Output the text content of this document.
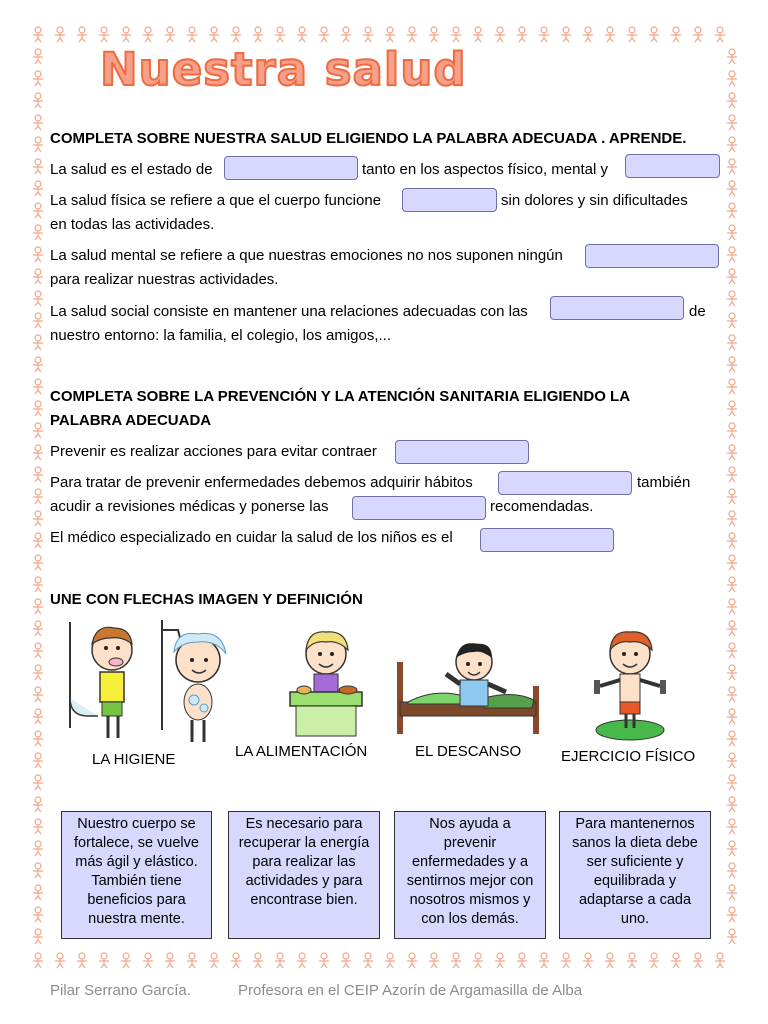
Nuestra salud
COMPLETA SOBRE NUESTRA SALUD ELIGIENDO LA PALABRA ADECUADA . APRENDE.
La salud es el estado de	tanto en los aspectos físico, mental y
La salud física se refiere a que el cuerpo funcione	sin dolores y sin dificultades
en todas las actividades.
La salud mental se refiere a que nuestras emociones no nos suponen ningún
para realizar nuestras actividades.
La salud social consiste en mantener una relaciones adecuadas con las	de
nuestro entorno: la familia, el colegio, los amigos,...
COMPLETA SOBRE LA PREVENCIÓN Y LA ATENCIÓN SANITARIA ELIGIENDO LA
PALABRA ADECUADA
Prevenir es realizar acciones para evitar contraer
Para tratar de prevenir enfermedades debemos adquirir hábitos	también
acudir a revisiones médicas y ponerse las	recomendadas.
El médico especializado en cuidar la salud de los niños es el
UNE CON FLECHAS IMAGEN Y DEFINICIÓN
LA HIGIENE	LA ALIMENTACIÓN	EL DESCANSO	EJERCICIO FÍSICO
Nuestro cuerpo se
fortalece, se vuelve
más ágil y elástico.
También tiene
beneficios para
nuestra mente.
Es necesario para
recuperar la energía
para realizar las
actividades y para
encontrase bien.
Nos ayuda a
prevenir
enfermedades y a
sentirnos mejor con
nosotros mismos y
con los demás.
Para mantenernos
sanos la dieta debe
ser suficiente y
equilibrada y
adaptarse a cada
uno.
Pilar Serrano García.	Profesora en el CEIP Azorín de Argamasilla de Alba
